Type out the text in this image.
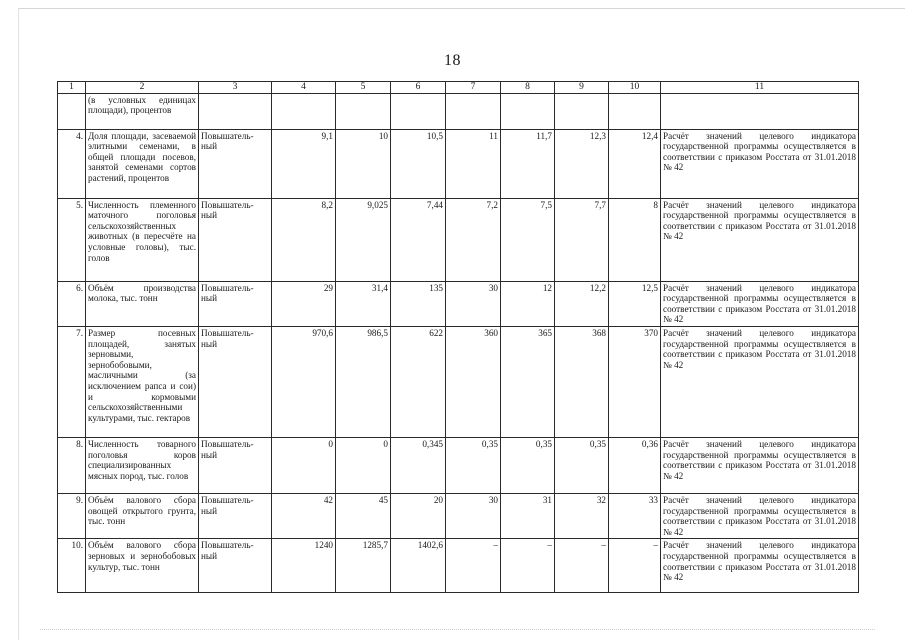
18
1	2	3	4	5	6	7	8	9	10	11
	(в условных единицах площади), процентов									
4.	Доля площади, засеваемой элитными семенами, в общей площади посевов, занятой семенами сортов растений, процентов	Повышатель-ный	9,1	10	10,5	11	11,7	12,3	12,4	Расчёт значений целевого индикатора государственной программы осуществляется в соответствии с приказом Росстата от 31.01.2018 № 42
5.	Численность племенного маточного поголовья сельскохозяйственных животных (в пересчёте на условные головы), тыс. голов	Повышатель-ный	8,2	9,025	7,44	7,2	7,5	7,7	8	Расчёт значений целевого индикатора государственной программы осуществляется в соответствии с приказом Росстата от 31.01.2018 № 42
6.	Объём производства молока, тыс. тонн	Повышатель-ный	29	31,4	135	30	12	12,2	12,5	Расчёт значений целевого индикатора государственной программы осуществляется в соответствии с приказом Росстата от 31.01.2018 № 42
7.	Размер посевных площадей, занятых зерновыми, зернобобовыми, масличными (за исключением рапса и сои) и кормовыми сельскохозяйственными культурами, тыс. гектаров	Повышатель-ный	970,6	986,5	622	360	365	368	370	Расчёт значений целевого индикатора государственной программы осуществляется в соответствии с приказом Росстата от 31.01.2018 № 42
8.	Численность товарного поголовья коров специализированных мясных пород, тыс. голов	Повышатель-ный	0	0	0,345	0,35	0,35	0,35	0,36	Расчёт значений целевого индикатора государственной программы осуществляется в соответствии с приказом Росстата от 31.01.2018 № 42
9.	Объём валового сбора овощей открытого грунта, тыс. тонн	Повышатель-ный	42	45	20	30	31	32	33	Расчёт значений целевого индикатора государственной программы осуществляется в соответствии с приказом Росстата от 31.01.2018 № 42
10.	Объём валового сбора зерновых и зернобобовых культур, тыс. тонн	Повышатель-ный	1240	1285,7	1402,6	–	–	–	–	Расчёт значений целевого индикатора государственной программы осуществляется в соответствии с приказом Росстата от 31.01.2018 № 42
